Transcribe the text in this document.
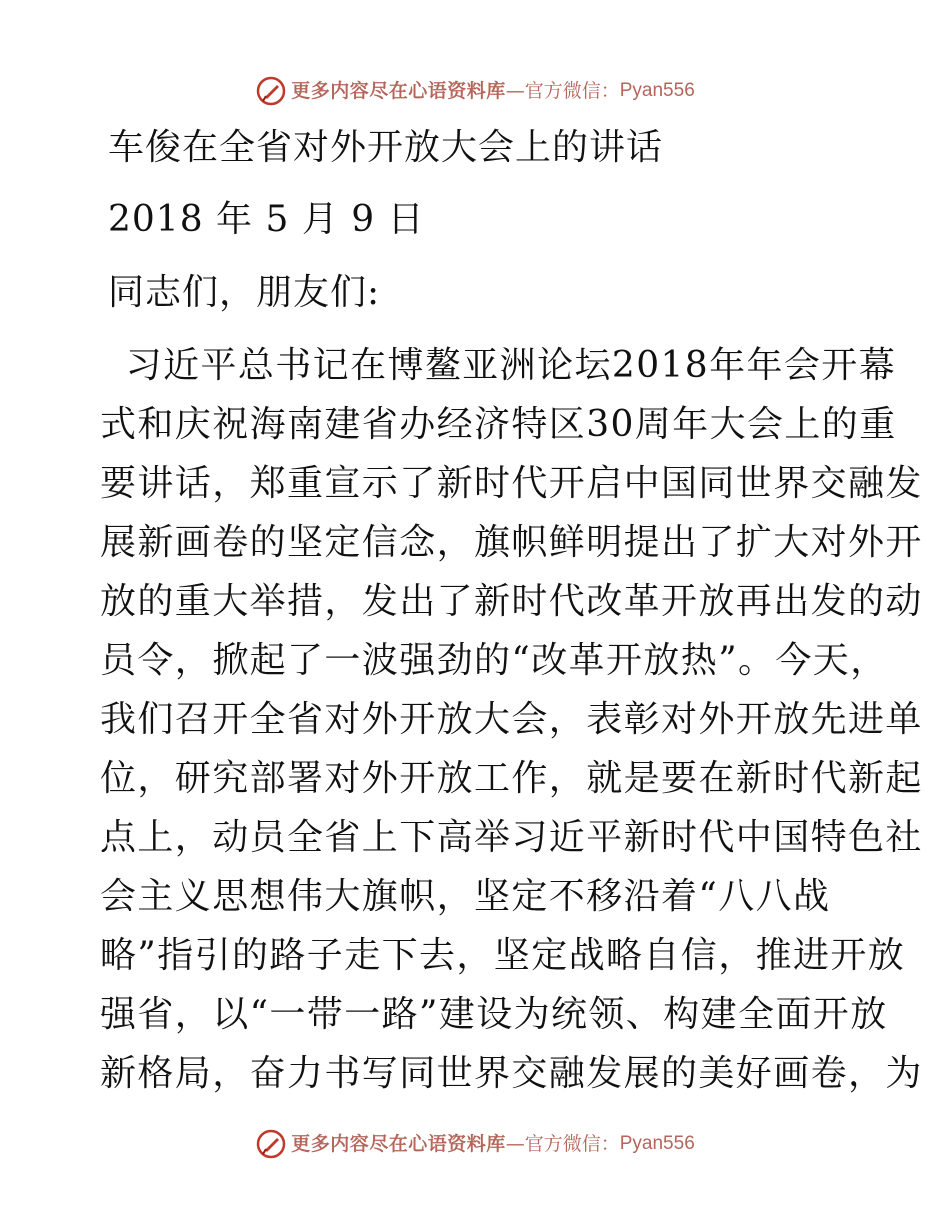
更多内容尽在心语资料库 —官方微信： Pyan556
车俊在全省对外开放大会上的讲话
2018 年 5 月 9 日
同志们，朋友们:
习近平总书记在博鳌亚洲论坛2018年年会开幕
式和庆祝海南建省办经济特区30周年大会上的重
要讲话，郑重宣示了新时代开启中国同世界交融发
展新画卷的坚定信念，旗帜鲜明提出了扩大对外开
放的重大举措，发出了新时代改革开放再出发的动
员令，掀起了一波强劲的“改革开放热”。今天，
我们召开全省对外开放大会，表彰对外开放先进单
位，研究部署对外开放工作，就是要在新时代新起
点上，动员全省上下高举习近平新时代中国特色社
会主义思想伟大旗帜，坚定不移沿着“八八战
略”指引的路子走下去，坚定战略自信，推进开放
强省，以“一带一路”建设为统领、构建全面开放
新格局，奋力书写同世界交融发展的美好画卷，为
更多内容尽在心语资料库 —官方微信： Pyan556
